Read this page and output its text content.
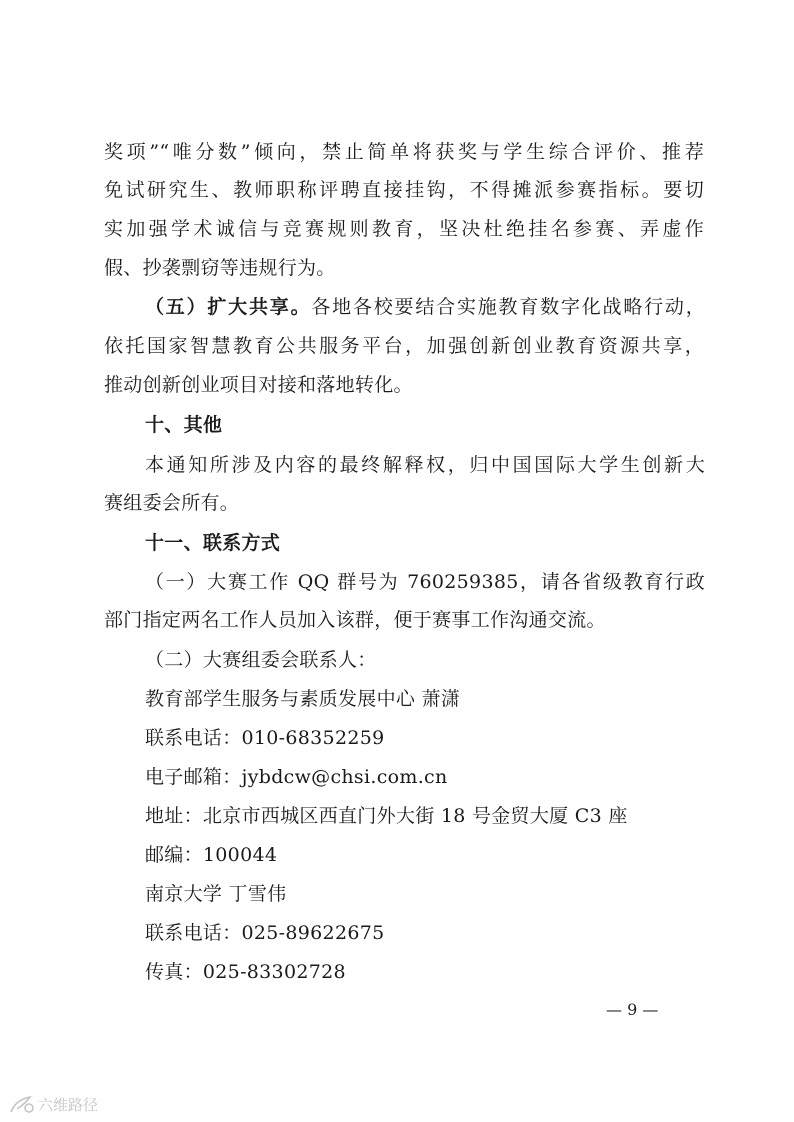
奖项”“唯分数”倾向，禁止简单将获奖与学生综合评价、推荐
免试研究生、教师职称评聘直接挂钩，不得摊派参赛指标。要切
实加强学术诚信与竞赛规则教育，坚决杜绝挂名参赛、弄虚作
假、抄袭剽窃等违规行为。
（五）扩大共享。各地各校要结合实施教育数字化战略行动，
依托国家智慧教育公共服务平台，加强创新创业教育资源共享，
推动创新创业项目对接和落地转化。
十、其他
本通知所涉及内容的最终解释权，归中国国际大学生创新大
赛组委会所有。
十一、联系方式
（一）大赛工作 QQ 群号为 760259385，请各省级教育行政
部门指定两名工作人员加入该群，便于赛事工作沟通交流。
（二）大赛组委会联系人：
教育部学生服务与素质发展中心 萧潇
联系电话：010-68352259
电子邮箱：jybdcw@chsi.com.cn
地址：北京市西城区西直门外大街 18 号金贸大厦 C3 座
邮编：100044
南京大学 丁雪伟
联系电话：025-89622675
传真：025-83302728
— 9 —
六维路径
